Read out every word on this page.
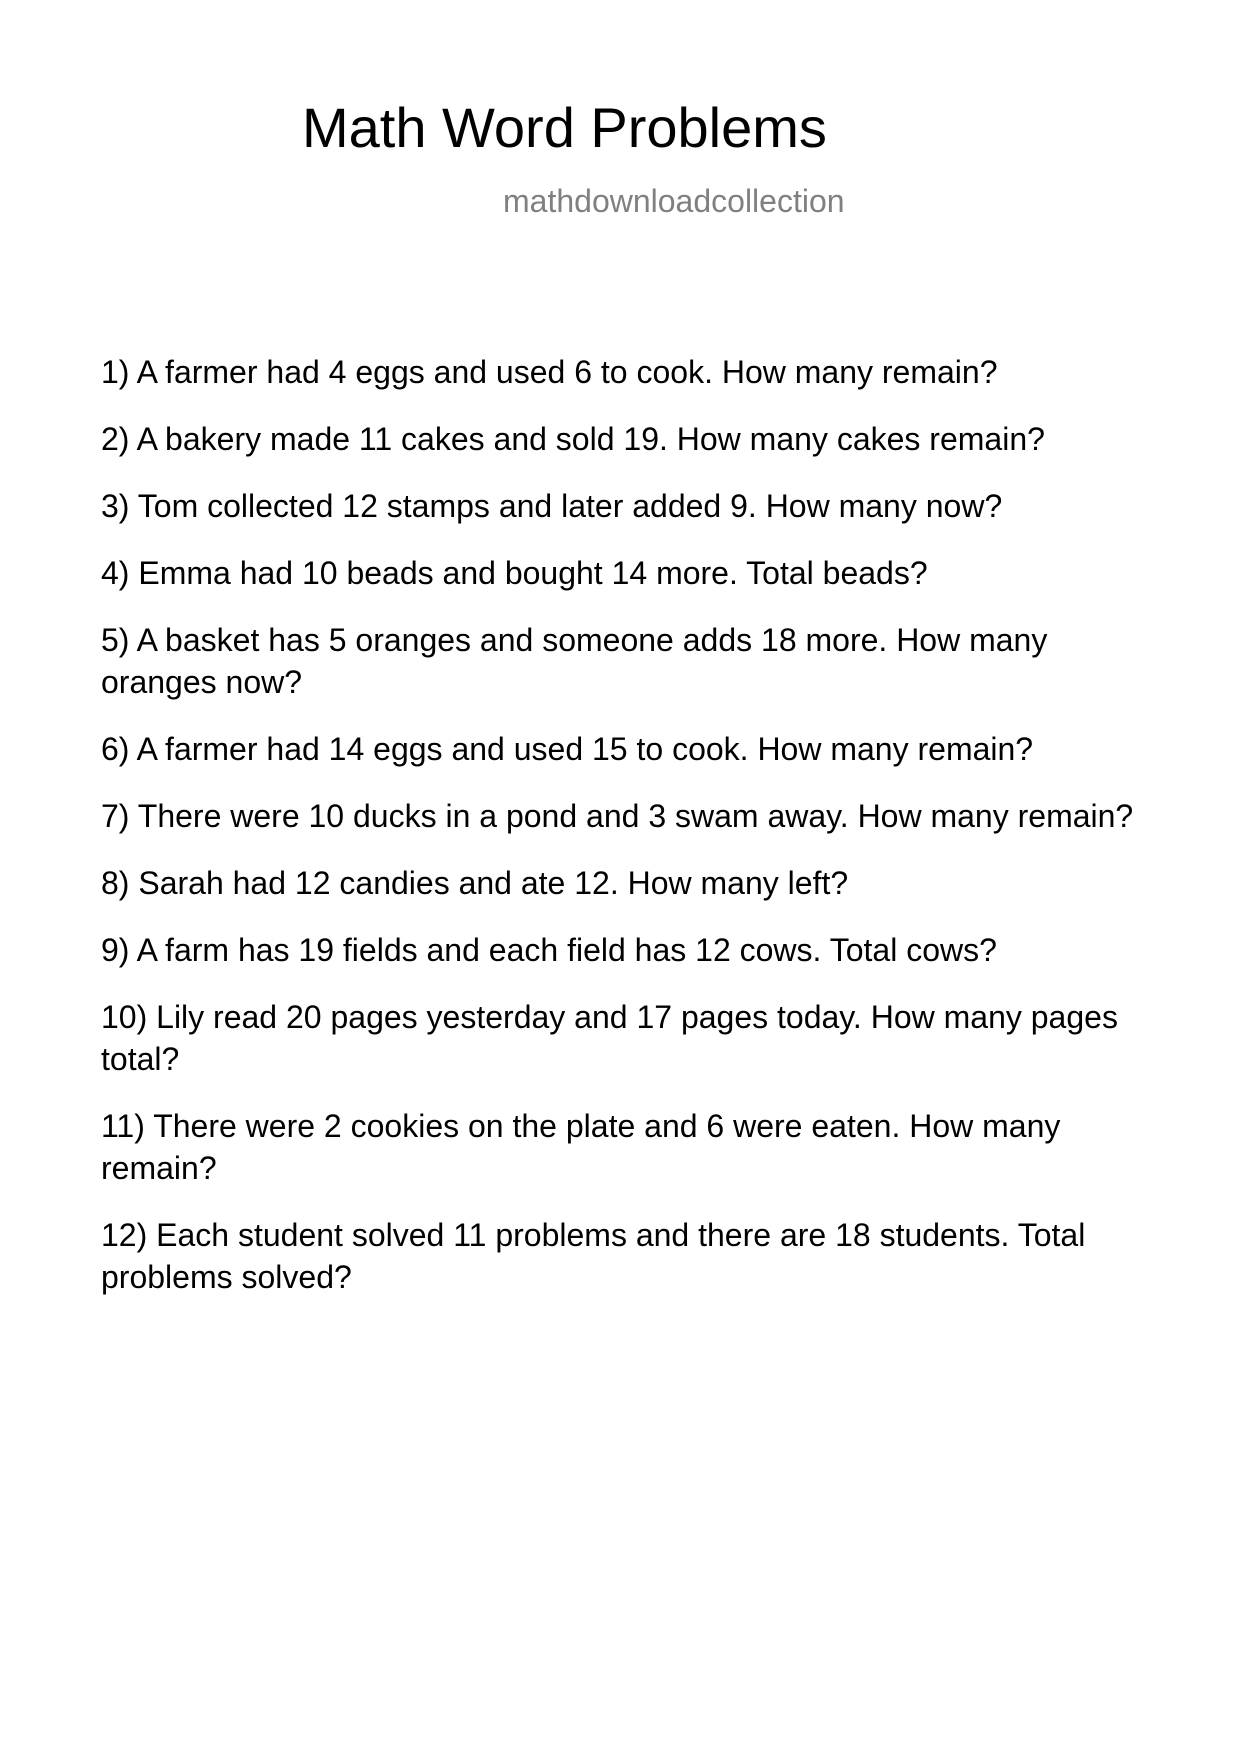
Math Word Problems
mathdownloadcollection
1) A farmer had 4 eggs and used 6 to cook. How many remain?
2) A bakery made 11 cakes and sold 19. How many cakes remain?
3) Tom collected 12 stamps and later added 9. How many now?
4) Emma had 10 beads and bought 14 more. Total beads?
5) A basket has 5 oranges and someone adds 18 more. How many oranges now?
6) A farmer had 14 eggs and used 15 to cook. How many remain?
7) There were 10 ducks in a pond and 3 swam away. How many remain?
8) Sarah had 12 candies and ate 12. How many left?
9) A farm has 19 fields and each field has 12 cows. Total cows?
10) Lily read 20 pages yesterday and 17 pages today. How many pages total?
11) There were 2 cookies on the plate and 6 were eaten. How many remain?
12) Each student solved 11 problems and there are 18 students. Total problems solved?
